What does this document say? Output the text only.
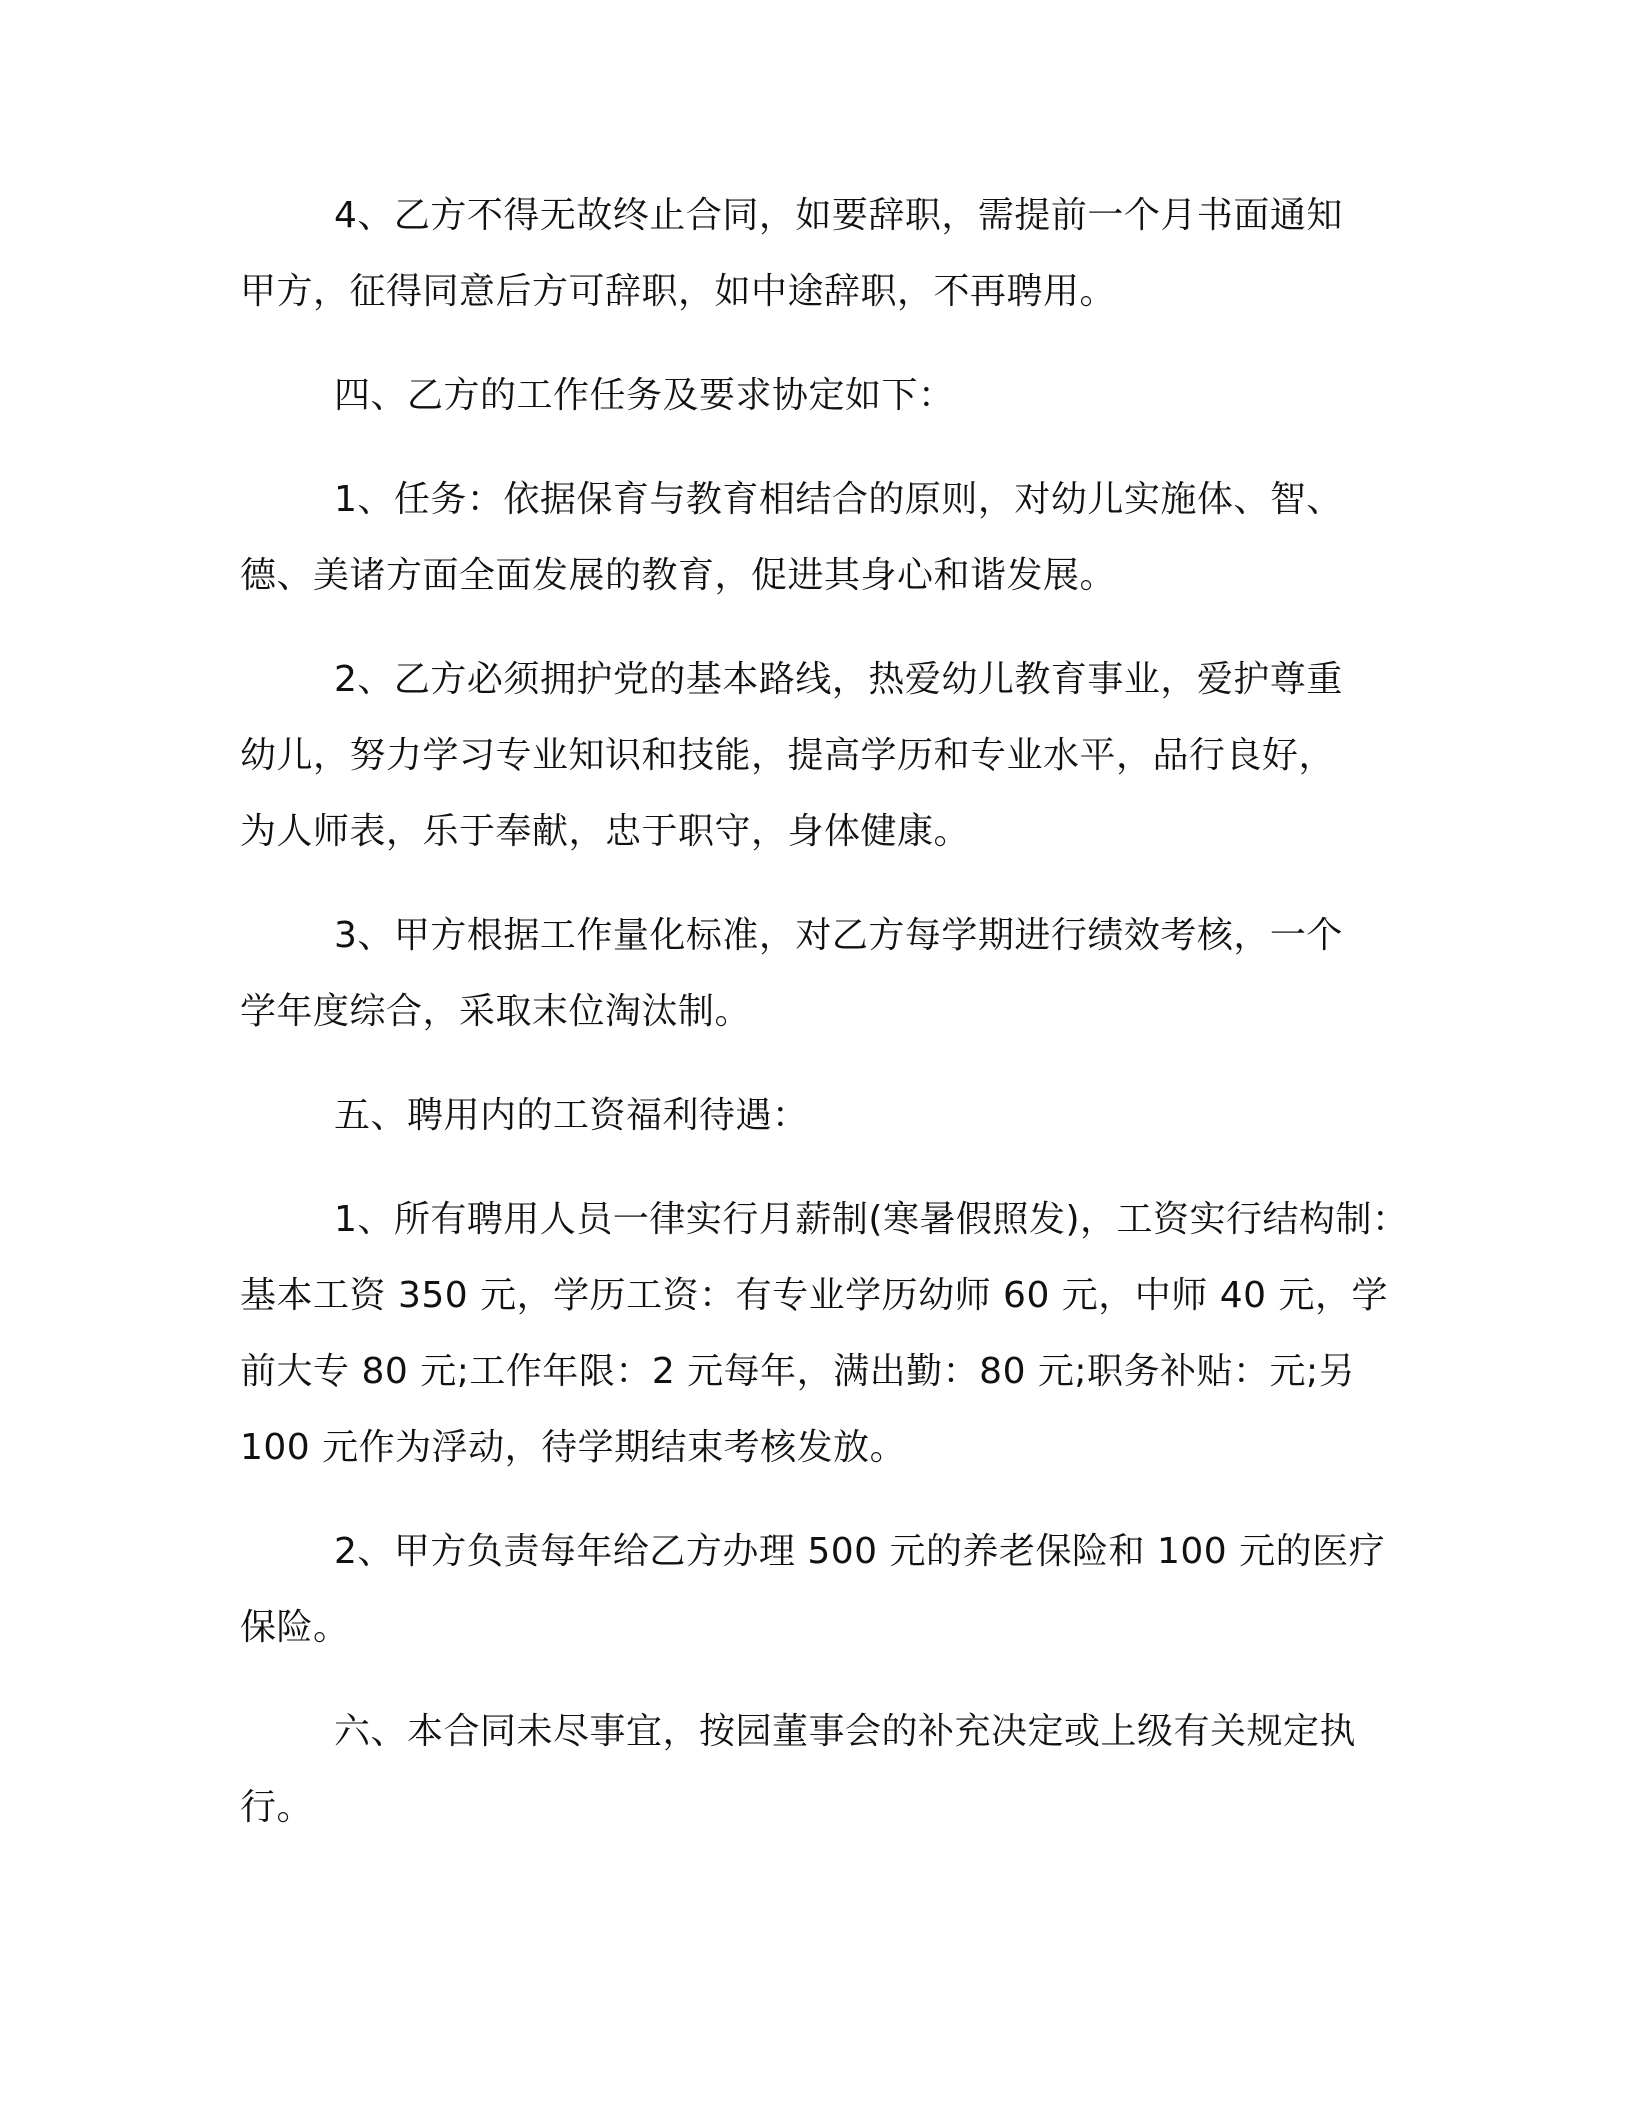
4、乙方不得无故终止合同，如要辞职，需提前一个月书面通知
甲方，征得同意后方可辞职，如中途辞职，不再聘用。

四、乙方的工作任务及要求协定如下：

1、任务：依据保育与教育相结合的原则，对幼儿实施体、智、
德、美诸方面全面发展的教育，促进其身心和谐发展。

2、乙方必须拥护党的基本路线，热爱幼儿教育事业，爱护尊重
幼儿，努力学习专业知识和技能，提高学历和专业水平，品行良好，
为人师表，乐于奉献，忠于职守，身体健康。

3、甲方根据工作量化标准，对乙方每学期进行绩效考核，一个
学年度综合，采取末位淘汰制。

五、聘用内的工资福利待遇：

1、所有聘用人员一律实行月薪制(寒暑假照发)，工资实行结构制：
基本工资 350 元，学历工资：有专业学历幼师 60 元，中师 40 元，学
前大专 80 元;工作年限：2 元每年，满出勤：80 元;职务补贴：元;另
100 元作为浮动，待学期结束考核发放。

2、甲方负责每年给乙方办理 500 元的养老保险和 100 元的医疗
保险。

六、本合同未尽事宜，按园董事会的补充决定或上级有关规定执
行。
